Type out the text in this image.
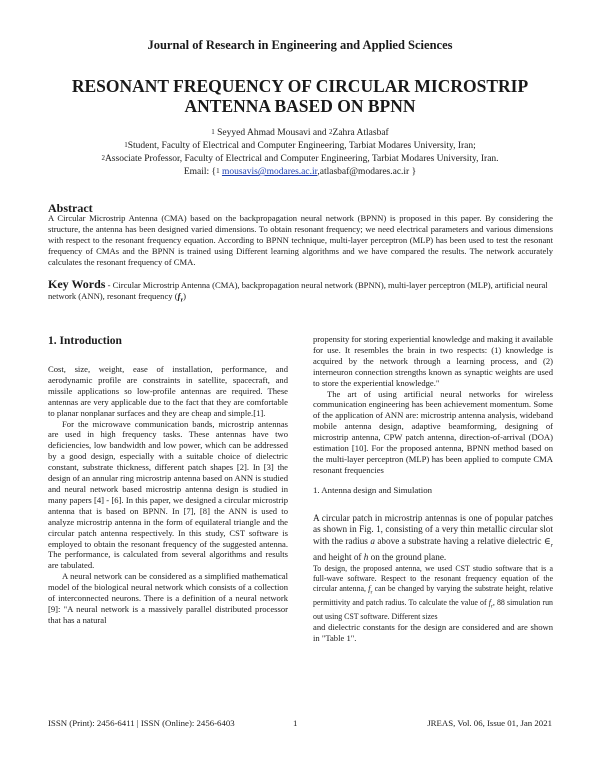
Journal of Research in Engineering and Applied Sciences
RESONANT FREQUENCY OF CIRCULAR MICROSTRIP
ANTENNA BASED ON BPNN
$^1$ Seyyed Ahmad Mousavi and $^2$Zahra Atlasbaf
$^1$Student, Faculty of Electrical and Computer Engineering, Tarbiat Modares University, Iran;
$^2$Associate Professor, Faculty of Electrical and Computer Engineering, Tarbiat Modares University, Iran.
Email: {$^1$ mousavis@modares.ac.ir,atlasbaf@modares.ac.ir }
Abstract
A Circular Microstrip Antenna (CMA) based on the backpropagation neural network (BPNN) is proposed in this paper. By considering the structure, the antenna has been designed varied dimensions. To obtain resonant frequency; we need electrical parameters and various dimensions with respect to the resonant frequency equation. According to BPNN technique, multi-layer perceptron (MLP) has been used to test the resonant frequency of CMAs and the BPNN is trained using Different learning algorithms and we have compared the results. The network accurately calculates the resonant frequency of CMA.
Key Words - Circular Microstrip Antenna (CMA), backpropagation neural network (BPNN), multi-layer perceptron (MLP), artificial neural network (ANN), resonant frequency $(f_r)$
1. Introduction

Cost, size, weight, ease of installation, performance, and aerodynamic profile are constraints in satellite, spacecraft, and missile applications so low-profile antennas are required. These antennas are very applicable due to the fact that they are comfortable to planar nonplanar surfaces and they are cheap and simple.[1].

For the microwave communication bands, microstrip antennas are used in high frequency tasks. These antennas have two deficiencies, low bandwidth and low power, which can be addressed by a good design, especially with a suitable choice of dielectric constant, substrate thickness, different patch shapes [2]. In [3] the design of an annular ring microstrip antenna based on ANN is studied and neural network based microstrip antenna design is studied in many papers [4] - [6]. In this paper, we designed a circular microstrip antenna that is based on BPNN. In [7], [8] the ANN is used to analyze microstrip antenna in the form of equilateral triangle and the circular patch antenna respectively. In this study, CST software is employed to obtain the resonant frequency of the suggested antenna. The performance, is calculated from several algorithms and results are tabulated.

A neural network can be considered as a simplified mathematical model of the biological neural network which consists of a collection of interconnected neurons. There is a definition of a neural network [9]: "A neural network is a massively parallel distributed processor that has a natural

propensity for storing experiential knowledge and making it available for use. It resembles the brain in two respects: (1) knowledge is acquired by the network through a learning process, and (2) interneuron connection strengths known as synaptic weights are used to store the experiential knowledge."

The art of using artificial neural networks for wireless communication engineering has been achievement momentum. Some of the application of ANN are: microstrip antenna analysis, wideband mobile antenna design, adaptive beamforming, designing of microstrip antenna, CPW patch antenna, direction-of-arrival (DOA) estimation [10]. For the proposed antenna, BPNN method based on the multi-layer perceptron (MLP) has been applied to compute CMA resonant frequencies

1. Antenna design and Simulation

A circular patch in microstrip antennas is one of popular patches as shown in Fig. 1, consisting of a very thin metallic circular slot with the radius a above a substrate having a relative dielectric $\in_r$ and height of h on the ground plane.

To design, the proposed antenna, we used CST studio software that is a full-wave software. Respect to the resonant frequency equation of the circular antenna, $f_r$ can be changed by varying the substrate height, relative permittivity and patch radius. To calculate the value of $f_r$, 88 simulation run out using CST software. Different sizes

and dielectric constants for the design are considered and are shown in "Table 1".

ISSN (Print): 2456-6411 | ISSN (Online): 2456-6403	1	JREAS, Vol. 06, Issue 01, Jan 2021
